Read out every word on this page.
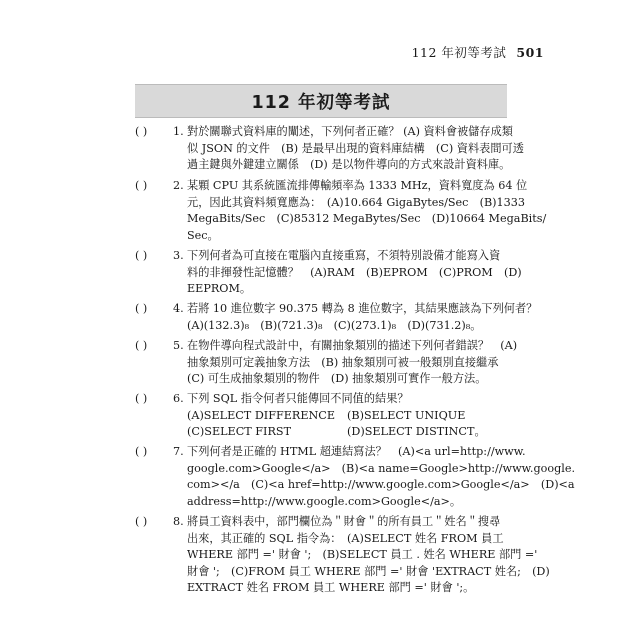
112 年初等考試 501
112 年初等考試
( )	1. 對於關聯式資料庫的闡述，下列何者正確？ (A) 資料會被儲存成類
似 JSON 的文件　(B) 是最早出現的資料庫結構　(C) 資料表間可透
過主鍵與外鍵建立關係　(D) 是以物件導向的方式來設計資料庫。
( )	2. 某顆 CPU 其系統匯流排傳輸頻率為 1333 MHz，資料寬度為 64 位
元，因此其資料頻寬應為：　(A)10.664 GigaBytes/Sec　(B)1333
MegaBits/Sec　(C)85312 MegaBytes/Sec　(D)10664 MegaBits/
Sec。
( )	3. 下列何者為可直接在電腦內直接重寫，不須特別設備才能寫入資
料的非揮發性記憶體？　(A)RAM　(B)EPROM　(C)PROM　(D)
EEPROM。
( )	4. 若將 10 進位數字 90.375 轉為 8 進位數字，其結果應該為下列何者？
(A)(132.3)₈　(B)(721.3)₈　(C)(273.1)₈　(D)(731.2)₈。
( )	5. 在物件導向程式設計中，有關抽象類別的描述下列何者錯誤？　(A)
抽象類別可定義抽象方法　(B) 抽象類別可被一般類別直接繼承
(C) 可生成抽象類別的物件　(D) 抽象類別可實作一般方法。
( )	6. 下列 SQL 指令何者只能傳回不同值的結果？
(A)SELECT DIFFERENCE	(B)SELECT UNIQUE
(C)SELECT FIRST	(D)SELECT DISTINCT。
( )	7. 下列何者是正確的 HTML 超連結寫法？　(A)<a url=http://www.
google.com>Google</a>　(B)<a name=Google>http://www.google.
com></a　(C)<a href=http://www.google.com>Google</a>　(D)<a
address=http://www.google.com>Google</a>。
( )	8. 將員工資料表中，部門欄位為＂財會＂的所有員工＂姓名＂搜尋
出來，其正確的 SQL 指令為：　(A)SELECT 姓名 FROM 員工
WHERE 部門 =' 財會 ';　(B)SELECT 員工 . 姓名 WHERE 部門 ='
財會 ';　(C)FROM 員工 WHERE 部門 =' 財會 'EXTRACT 姓名;　(D)
EXTRACT 姓名 FROM 員工 WHERE 部門 =' 財會 ';。
